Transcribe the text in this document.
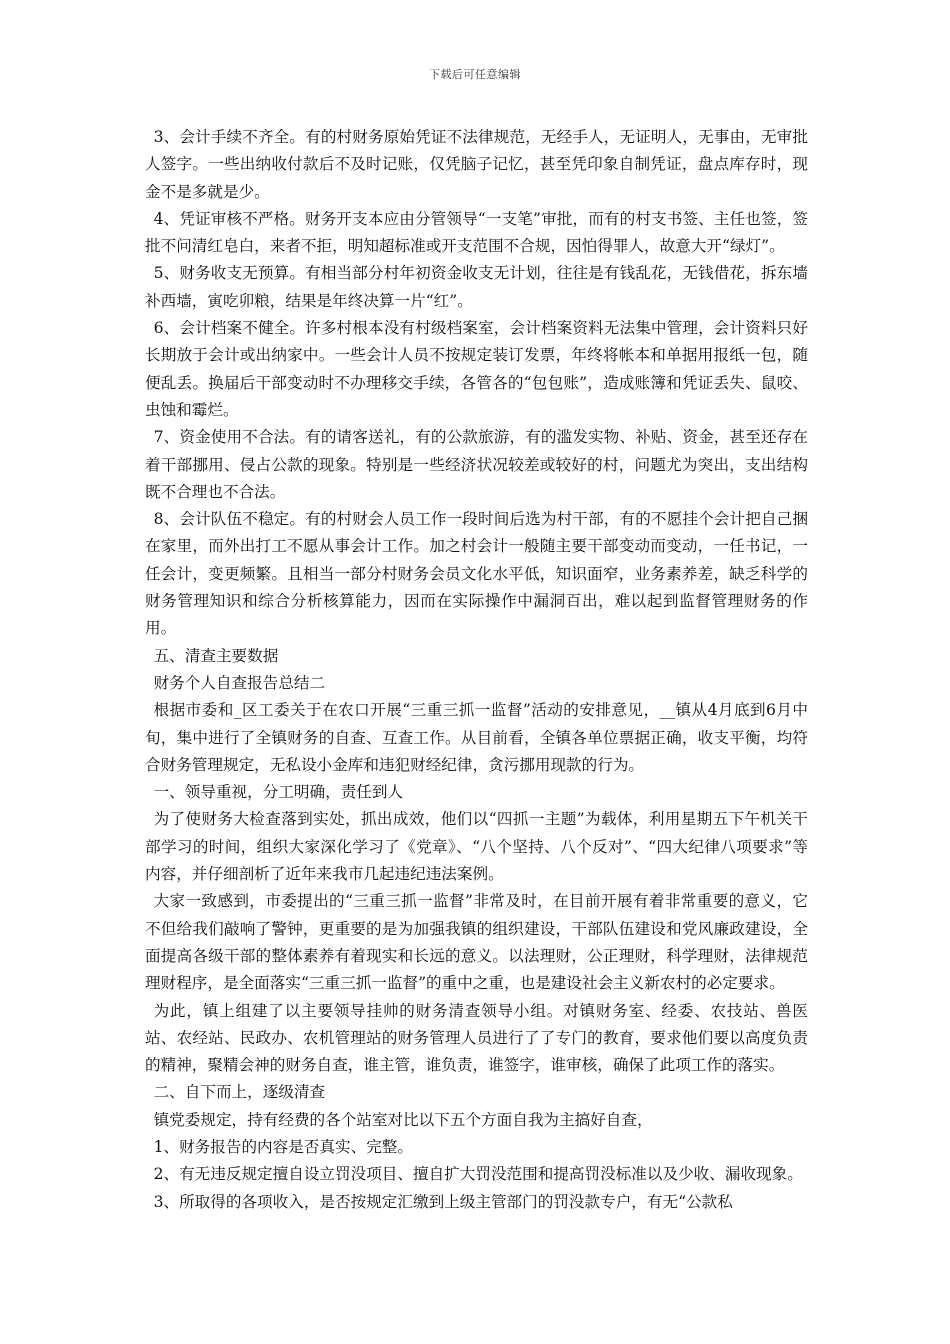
下载后可任意编辑

3、会计手续不齐全。有的村财务原始凭证不法律规范，无经手人，无证明人，无事由，无审批人签字。一些出纳收付款后不及时记账，仅凭脑子记忆，甚至凭印象自制凭证，盘点库存时，现金不是多就是少。

4、凭证审核不严格。财务开支本应由分管领导“一支笔”审批，而有的村支书签、主任也签，签批不问清红皂白，来者不拒，明知超标准或开支范围不合规，因怕得罪人，故意大开“绿灯”。

5、财务收支无预算。有相当部分村年初资金收支无计划，往往是有钱乱花，无钱借花，拆东墙补西墙，寅吃卯粮，结果是年终决算一片“红”。

6、会计档案不健全。许多村根本没有村级档案室，会计档案资料无法集中管理，会计资料只好长期放于会计或出纳家中。一些会计人员不按规定装订发票，年终将帐本和单据用报纸一包，随便乱丢。换届后干部变动时不办理移交手续，各管各的“包包账”，造成账簿和凭证丢失、鼠咬、虫蚀和霉烂。

7、资金使用不合法。有的请客送礼，有的公款旅游，有的滥发实物、补贴、资金，甚至还存在着干部挪用、侵占公款的现象。特别是一些经济状况较差或较好的村，问题尤为突出，支出结构既不合理也不合法。

8、会计队伍不稳定。有的村财会人员工作一段时间后选为村干部，有的不愿挂个会计把自己捆在家里，而外出打工不愿从事会计工作。加之村会计一般随主要干部变动而变动，一任书记，一任会计，变更频繁。且相当一部分村财务会员文化水平低，知识面窄，业务素养差，缺乏科学的财务管理知识和综合分析核算能力，因而在实际操作中漏洞百出，难以起到监督管理财务的作用。

五、清查主要数据

财务个人自查报告总结二

根据市委和_区工委关于在农口开展“三重三抓一监督”活动的安排意见，__镇从4月底到6月中旬，集中进行了全镇财务的自查、互查工作。从目前看，全镇各单位票据正确，收支平衡，均符合财务管理规定，无私设小金库和违犯财经纪律，贪污挪用现款的行为。

一、领导重视，分工明确，责任到人

为了使财务大检查落到实处，抓出成效，他们以“四抓一主题”为载体，利用星期五下午机关干部学习的时间，组织大家深化学习了《党章》、“八个坚持、八个反对”、“四大纪律八项要求”等内容，并仔细剖析了近年来我市几起违纪违法案例。

大家一致感到，市委提出的“三重三抓一监督”非常及时，在目前开展有着非常重要的意义，它不但给我们敲响了警钟，更重要的是为加强我镇的组织建设，干部队伍建设和党风廉政建设，全面提高各级干部的整体素养有着现实和长远的意义。以法理财，公正理财，科学理财，法律规范理财程序，是全面落实“三重三抓一监督”的重中之重，也是建设社会主义新农村的必定要求。

为此，镇上组建了以主要领导挂帅的财务清查领导小组。对镇财务室、经委、农技站、兽医站、农经站、民政办、农机管理站的财务管理人员进行了了专门的教育，要求他们要以高度负责的精神，聚精会神的财务自查，谁主管，谁负责，谁签字，谁审核，确保了此项工作的落实。

二、自下而上，逐级清查

镇党委规定，持有经费的各个站室对比以下五个方面自我为主搞好自查，

1、财务报告的内容是否真实、完整。

2、有无违反规定擅自设立罚没项目、擅自扩大罚没范围和提高罚没标准以及少收、漏收现象。

3、所取得的各项收入，是否按规定汇缴到上级主管部门的罚没款专户，有无“公款私
